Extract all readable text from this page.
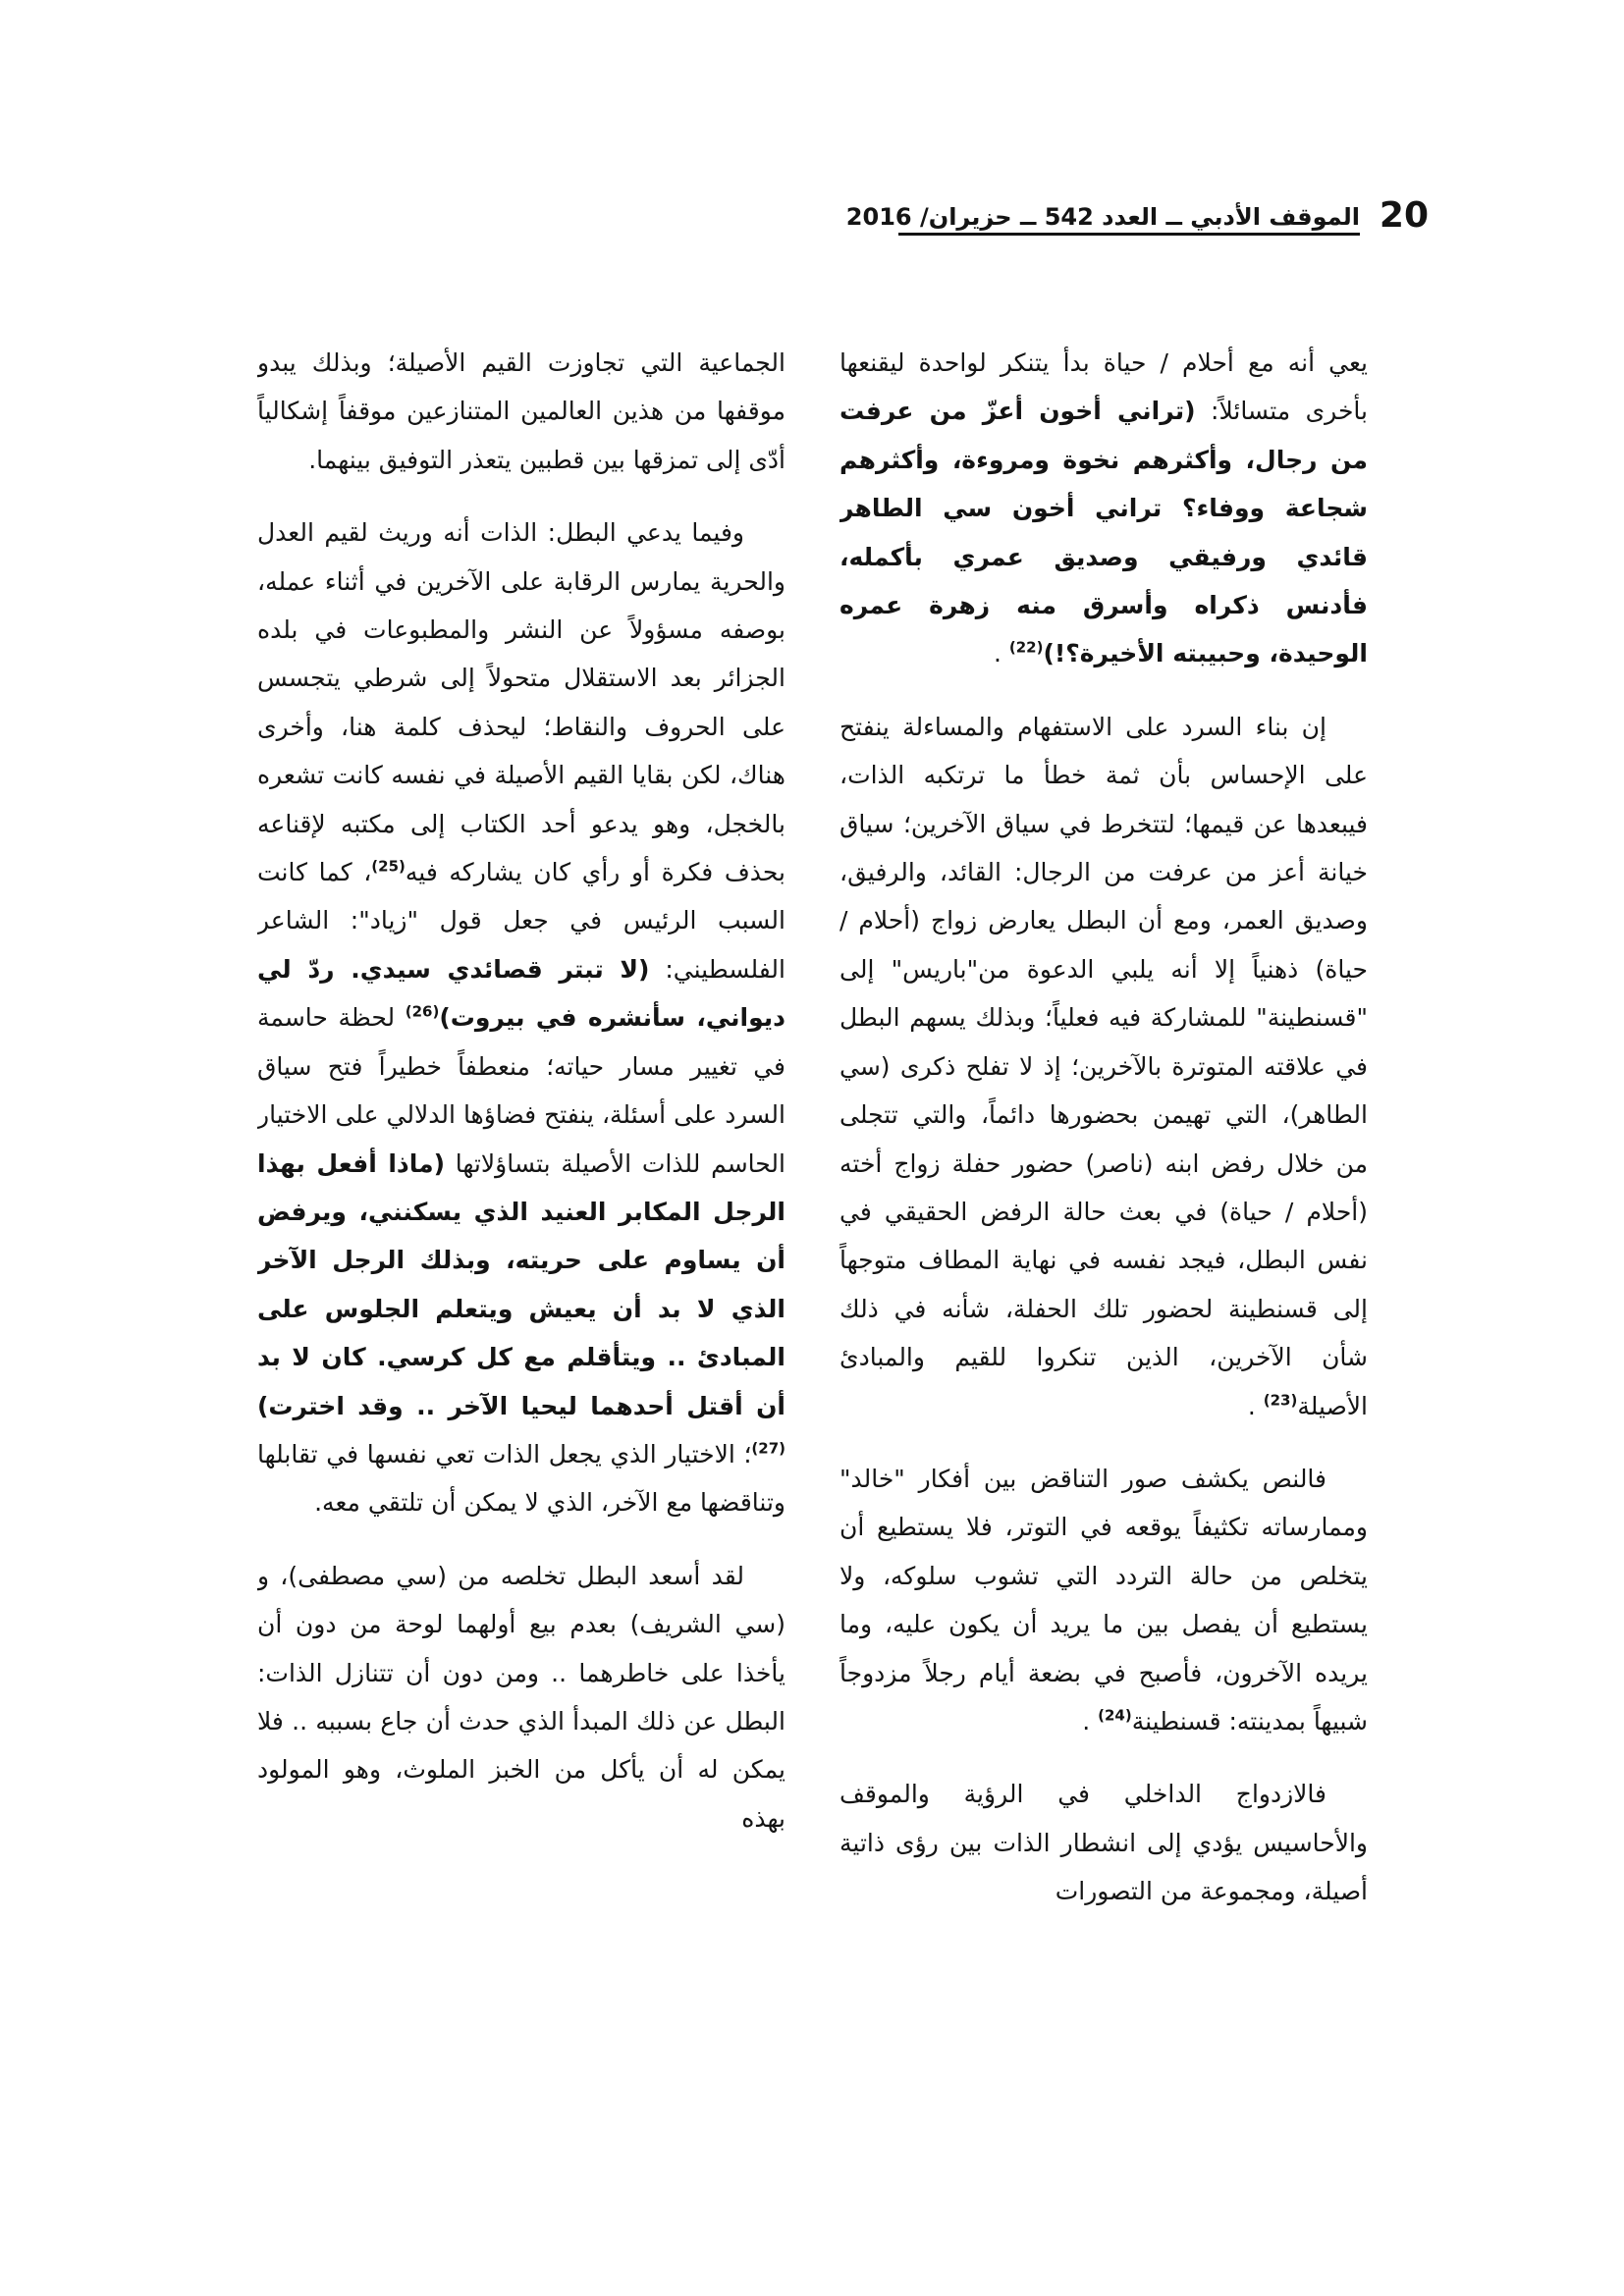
20
الموقف الأدبي ــ العدد 542 ــ حزيران/ 2016

يعي أنه مع أحلام / حياة بدأ يتنكر لواحدة ليقنعها بأخرى متسائلاً: (تراني أخون أعزّ من عرفت من رجال، وأكثرهم نخوة ومروءة، وأكثرهم شجاعة ووفاء؟ تراني أخون سي الطاهر قائدي ورفيقي وصديق عمري بأكمله، فأدنس ذكراه وأسرق منه زهرة عمره الوحيدة، وحبيبته الأخيرة؟!)$^{(22)}$ .

إن بناء السرد على الاستفهام والمساءلة ينفتح على الإحساس بأن ثمة خطأ ما ترتكبه الذات، فيبعدها عن قيمها؛ لتتخرط في سياق الآخرين؛ سياق خيانة أعز من عرفت من الرجال: القائد، والرفيق، وصديق العمر، ومع أن البطل يعارض زواج (أحلام / حياة) ذهنياً إلا أنه يلبي الدعوة من"باريس" إلى "قسنطينة" للمشاركة فيه فعلياً؛ وبذلك يسهم البطل في علاقته المتوترة بالآخرين؛ إذ لا تفلح ذكرى (سي الطاهر)، التي تهيمن بحضورها دائماً، والتي تتجلى من خلال رفض ابنه (ناصر) حضور حفلة زواج أخته (أحلام / حياة) في بعث حالة الرفض الحقيقي في نفس البطل، فيجد نفسه في نهاية المطاف متوجهاً إلى قسنطينة لحضور تلك الحفلة، شأنه في ذلك شأن الآخرين، الذين تنكروا للقيم والمبادئ الأصيلة$^{(23)}$ .

فالنص يكشف صور التناقض بين أفكار "خالد" وممارساته تكثيفاً يوقعه في التوتر، فلا يستطيع أن يتخلص من حالة التردد التي تشوب سلوكه، ولا يستطيع أن يفصل بين ما يريد أن يكون عليه، وما يريده الآخرون، فأصبح في بضعة أيام رجلاً مزدوجاً شبيهاً بمدينته: قسنطينة$^{(24)}$ .

فالازدواج الداخلي في الرؤية والموقف والأحاسيس يؤدي إلى انشطار الذات بين رؤى ذاتية أصيلة، ومجموعة من التصورات

الجماعية التي تجاوزت القيم الأصيلة؛ وبذلك يبدو موقفها من هذين العالمين المتنازعين موقفاً إشكالياً أدّى إلى تمزقها بين قطبين يتعذر التوفيق بينهما.

وفيما يدعي البطل: الذات أنه وريث لقيم العدل والحرية يمارس الرقابة على الآخرين في أثناء عمله، بوصفه مسؤولاً عن النشر والمطبوعات في بلده الجزائر بعد الاستقلال متحولاً إلى شرطي يتجسس على الحروف والنقاط؛ ليحذف كلمة هنا، وأخرى هناك، لكن بقايا القيم الأصيلة في نفسه كانت تشعره بالخجل، وهو يدعو أحد الكتاب إلى مكتبه لإقناعه بحذف فكرة أو رأي كان يشاركه فيه$^{(25)}$، كما كانت السبب الرئيس في جعل قول "زياد": الشاعر الفلسطيني: (لا تبتر قصائدي سيدي. ردّ لي ديواني، سأنشره في بيروت)$^{(26)}$ لحظة حاسمة في تغيير مسار حياته؛ منعطفاً خطيراً فتح سياق السرد على أسئلة، ينفتح فضاؤها الدلالي على الاختيار الحاسم للذات الأصيلة بتساؤلاتها (ماذا أفعل بهذا الرجل المكابر العنيد الذي يسكنني، ويرفض أن يساوم على حريته، وبذلك الرجل الآخر الذي لا بد أن يعيش ويتعلم الجلوس على المبادئ .. ويتأقلم مع كل كرسي. كان لا بد أن أقتل أحدهما ليحيا الآخر .. وقد اخترت)$^{(27)}$؛ الاختيار الذي يجعل الذات تعي نفسها في تقابلها وتناقضها مع الآخر، الذي لا يمكن أن تلتقي معه.

لقد أسعد البطل تخلصه من (سي مصطفى)، و (سي الشريف) بعدم بيع أولهما لوحة من دون أن يأخذا على خاطرهما .. ومن دون أن تتنازل الذات: البطل عن ذلك المبدأ الذي حدث أن جاع بسببه .. فلا يمكن له أن يأكل من الخبز الملوث، وهو المولود بهذه
